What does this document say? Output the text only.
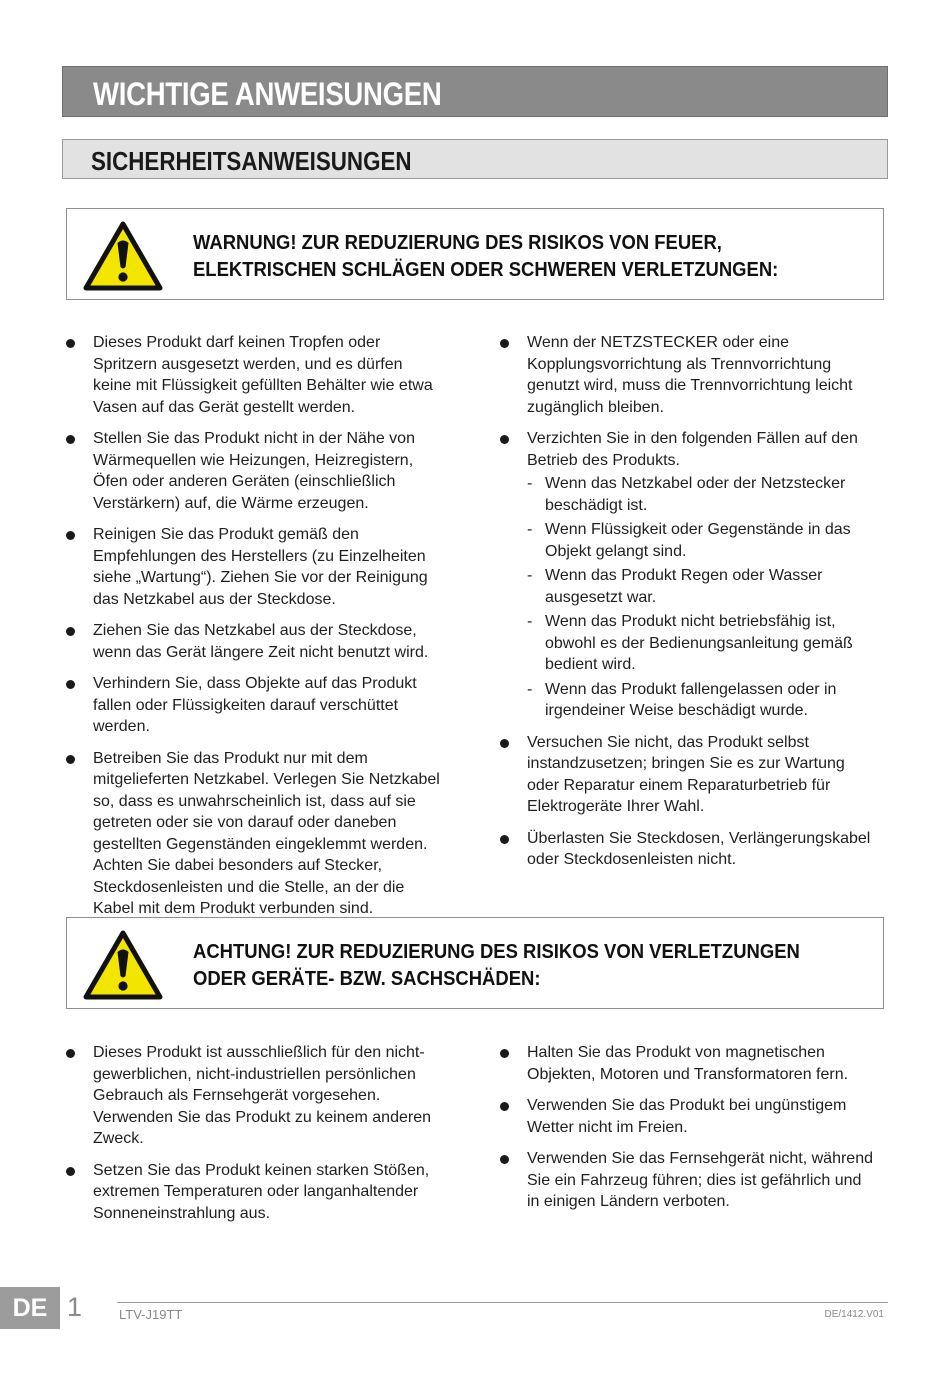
WICHTIGE ANWEISUNGEN
SICHERHEITSANWEISUNGEN
WARNUNG! ZUR REDUZIERUNG DES RISIKOS VON FEUER,
ELEKTRISCHEN SCHLÄGEN ODER SCHWEREN VERLETZUNGEN:
Dieses Produkt darf keinen Tropfen oder Spritzern ausgesetzt werden, und es dürfen keine mit Flüssigkeit gefüllten Behälter wie etwa Vasen auf das Gerät gestellt werden.
Stellen Sie das Produkt nicht in der Nähe von Wärmequellen wie Heizungen, Heizregistern, Öfen oder anderen Geräten (einschließlich Verstärkern) auf, die Wärme erzeugen.
Reinigen Sie das Produkt gemäß den Empfehlungen des Herstellers (zu Einzelheiten siehe „Wartung“). Ziehen Sie vor der Reinigung das Netzkabel aus der Steckdose.
Ziehen Sie das Netzkabel aus der Steckdose, wenn das Gerät längere Zeit nicht benutzt wird.
Verhindern Sie, dass Objekte auf das Produkt fallen oder Flüssigkeiten darauf verschüttet werden.
Betreiben Sie das Produkt nur mit dem mitgelieferten Netzkabel. Verlegen Sie Netzkabel so, dass es unwahrscheinlich ist, dass auf sie getreten oder sie von darauf oder daneben gestellten Gegenständen eingeklemmt werden. Achten Sie dabei besonders auf Stecker, Steckdosenleisten und die Stelle, an der die Kabel mit dem Produkt verbunden sind.
Wenn der NETZSTECKER oder eine Kopplungsvorrichtung als Trennvorrichtung genutzt wird, muss die Trennvorrichtung leicht zugänglich bleiben.
Verzichten Sie in den folgenden Fällen auf den Betrieb des Produkts.
- Wenn das Netzkabel oder der Netzstecker beschädigt ist.
- Wenn Flüssigkeit oder Gegenstände in das Objekt gelangt sind.
- Wenn das Produkt Regen oder Wasser ausgesetzt war.
- Wenn das Produkt nicht betriebsfähig ist, obwohl es der Bedienungsanleitung gemäß bedient wird.
- Wenn das Produkt fallengelassen oder in irgendeiner Weise beschädigt wurde.
Versuchen Sie nicht, das Produkt selbst instandzusetzen; bringen Sie es zur Wartung oder Reparatur einem Reparaturbetrieb für Elektrogeräte Ihrer Wahl.
Überlasten Sie Steckdosen, Verlängerungskabel oder Steckdosenleisten nicht.
ACHTUNG! ZUR REDUZIERUNG DES RISIKOS VON VERLETZUNGEN
ODER GERÄTE- BZW. SACHSCHÄDEN:
Dieses Produkt ist ausschließlich für den nicht-gewerblichen, nicht-industriellen persönlichen Gebrauch als Fernsehgerät vorgesehen. Verwenden Sie das Produkt zu keinem anderen Zweck.
Setzen Sie das Produkt keinen starken Stößen, extremen Temperaturen oder langanhaltender Sonneneinstrahlung aus.
Halten Sie das Produkt von magnetischen Objekten, Motoren und Transformatoren fern.
Verwenden Sie das Produkt bei ungünstigem Wetter nicht im Freien.
Verwenden Sie das Fernsehgerät nicht, während Sie ein Fahrzeug führen; dies ist gefährlich und in einigen Ländern verboten.
DE 1	LTV-J19TT	DE/1412.V01
